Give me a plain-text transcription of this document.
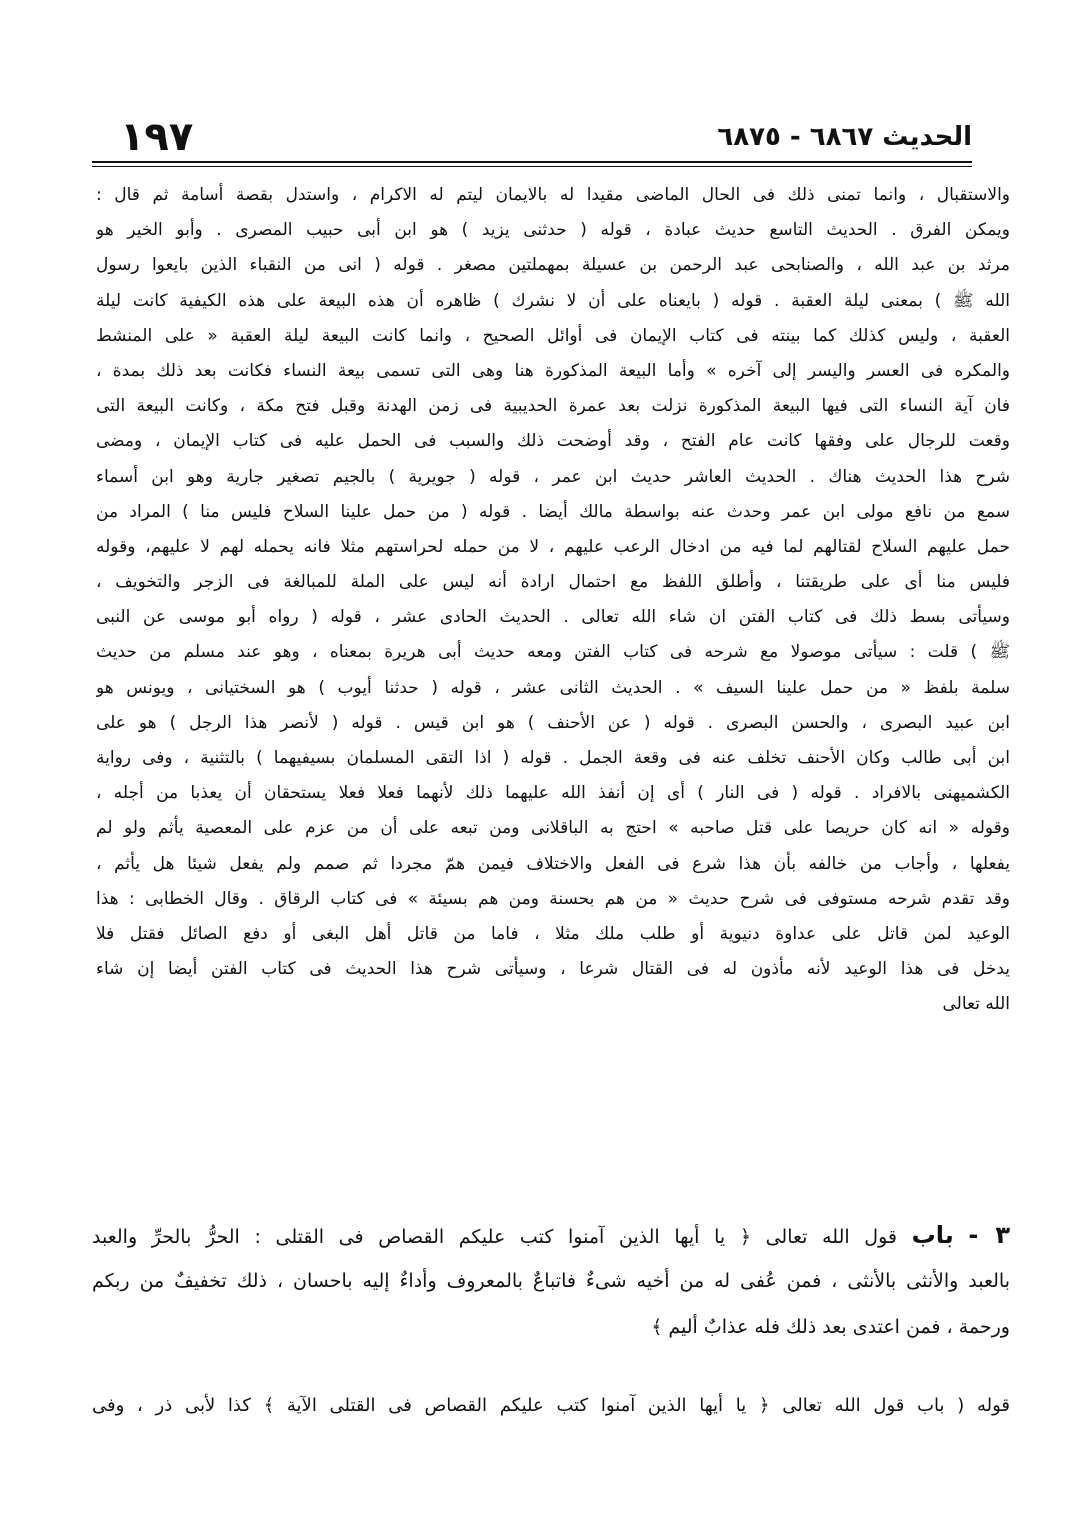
١٩٧	الحديث ٦٨٦٧ - ٦٨٧٥
والاستقبال ، وانما تمنى ذلك فى الحال الماضى مقيدا له بالايمان ليتم له الاكرام ، واستدل بقصة أسامة ثم قال :
ويمكن الفرق . الحديث التاسع حديث عبادة ، قوله ( حدثنى يزيد ) هو ابن أبى حبيب المصرى . وأبو الخير هو
مرثد بن عبد الله ، والصنابحى عبد الرحمن بن عسيلة بمهملتين مصغر . قوله ( انى من النقباء الذين بايعوا رسول
الله ﷺ ) بمعنى ليلة العقبة . قوله ( بايعناه على أن لا نشرك ) ظاهره أن هذه البيعة على هذه الكيفية كانت ليلة
العقبة ، وليس كذلك كما بينته فى كتاب الإيمان فى أوائل الصحيح ، وانما كانت البيعة ليلة العقبة « على المنشط
والمكره فى العسر واليسر إلى آخره » وأما البيعة المذكورة هنا وهى التى تسمى بيعة النساء فكانت بعد ذلك بمدة ،
فان آية النساء التى فيها البيعة المذكورة نزلت بعد عمرة الحديبية فى زمن الهدنة وقبل فتح مكة ، وكانت البيعة التى
وقعت للرجال على وفقها كانت عام الفتح ، وقد أوضحت ذلك والسبب فى الحمل عليه فى كتاب الإيمان ، ومضى
شرح هذا الحديث هناك . الحديث العاشر حديث ابن عمر ، قوله ( جويرية ) بالجيم تصغير جارية وهو ابن أسماء
سمع من نافع مولى ابن عمر وحدث عنه بواسطة مالك أيضا . قوله ( من حمل علينا السلاح فليس منا ) المراد من
حمل عليهم السلاح لقتالهم لما فيه من ادخال الرعب عليهم ، لا من حمله لحراستهم مثلا فانه يحمله لهم لا عليهم، وقوله
فليس منا أى على طريقتنا ، وأطلق اللفظ مع احتمال ارادة أنه ليس على الملة للمبالغة فى الزجر والتخويف ،
وسيأتى بسط ذلك فى كتاب الفتن ان شاء الله تعالى . الحديث الحادى عشر ، قوله ( رواه أبو موسى عن النبى
ﷺ ) قلت : سيأتى موصولا مع شرحه فى كتاب الفتن ومعه حديث أبى هريرة بمعناه ، وهو عند مسلم من حديث
سلمة بلفظ « من حمل علينا السيف » . الحديث الثانى عشر ، قوله ( حدثنا أيوب ) هو السختيانى ، ويونس هو
ابن عبيد البصرى ، والحسن البصرى . قوله ( عن الأحنف ) هو ابن قيس . قوله ( لأنصر هذا الرجل ) هو على
ابن أبى طالب وكان الأحنف تخلف عنه فى وقعة الجمل . قوله ( اذا التقى المسلمان بسيفيهما ) بالتثنية ، وفى رواية
الكشميهنى بالافراد . قوله ( فى النار ) أى إن أنفذ الله عليهما ذلك لأنهما فعلا فعلا يستحقان أن يعذبا من أجله ،
وقوله « انه كان حريصا على قتل صاحبه » احتج به الباقلانى ومن تبعه على أن من عزم على المعصية يأثم ولو لم
يفعلها ، وأجاب من خالفه بأن هذا شرع فى الفعل والاختلاف فيمن همّ مجردا ثم صمم ولم يفعل شيئا هل يأثم ،
وقد تقدم شرحه مستوفى فى شرح حديث « من هم بحسنة ومن هم بسيئة » فى كتاب الرقاق . وقال الخطابى : هذا
الوعيد لمن قاتل على عداوة دنيوية أو طلب ملك مثلا ، فاما من قاتل أهل البغى أو دفع الصائل فقتل فلا
يدخل فى هذا الوعيد لأنه مأذون له فى القتال شرعا ، وسيأتى شرح هذا الحديث فى كتاب الفتن أيضا إن شاء
الله تعالى
٣ - باب قول الله تعالى ﴿ يا أيها الذين آمنوا كتب عليكم القصاص فى القتلى : الحرُّ بالحرِّ والعبد
بالعبد والأنثى بالأنثى ، فمن عُفى له من أخيه شىءٌ فاتباعٌ بالمعروف وأداءٌ إليه باحسان ، ذلك تخفيفٌ من ربكم
ورحمة ، فمن اعتدى بعد ذلك فله عذابٌ أليم ﴾
قوله ( باب قول الله تعالى ﴿ يا أيها الذين آمنوا كتب عليكم القصاص فى القتلى الآية ﴾ كذا لأبى ذر ، وفى
